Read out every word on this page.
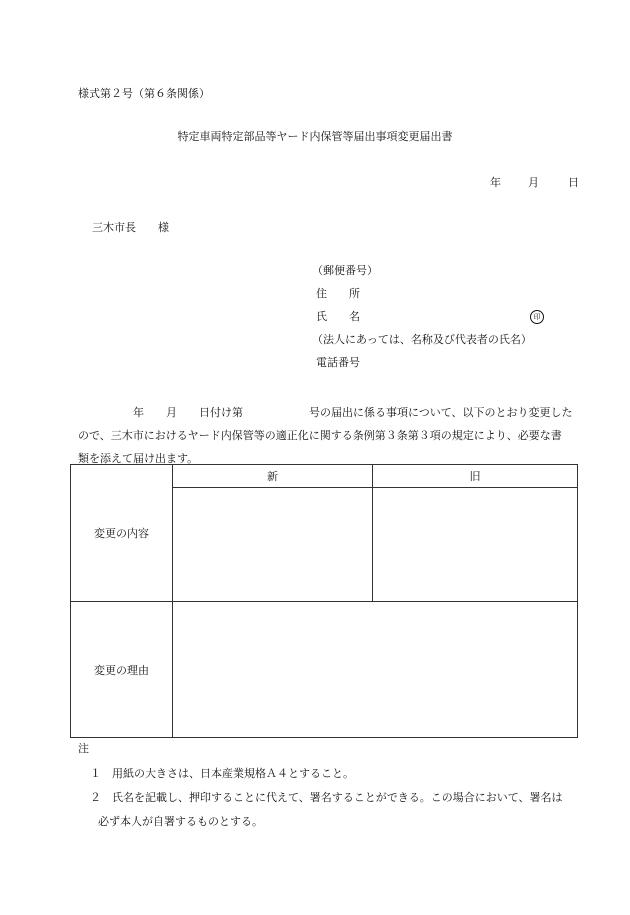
様式第２号（第６条関係）
特定車両特定部品等ヤード内保管等届出事項変更届出書
年 月	日
三木市長　　様
（郵便番号）
住　　所
氏　　名	印
（法人にあっては、名称及び代表者の氏名）
電話番号

　　　　　年　　月　　日付け第　　　　　　号の届出に係る事項について、以下のとおり変更した

ので、三木市におけるヤード内保管等の適正化に関する条例第３条第３項の規定により、必要な書

類を添えて届け出ます。

変更の内容	新	旧

変更の理由		
注
１　用紙の大きさは、日本産業規格Ａ４とすること。
２　氏名を記載し、押印することに代えて、署名することができる。この場合において、署名は
必ず本人が自署するものとする。
